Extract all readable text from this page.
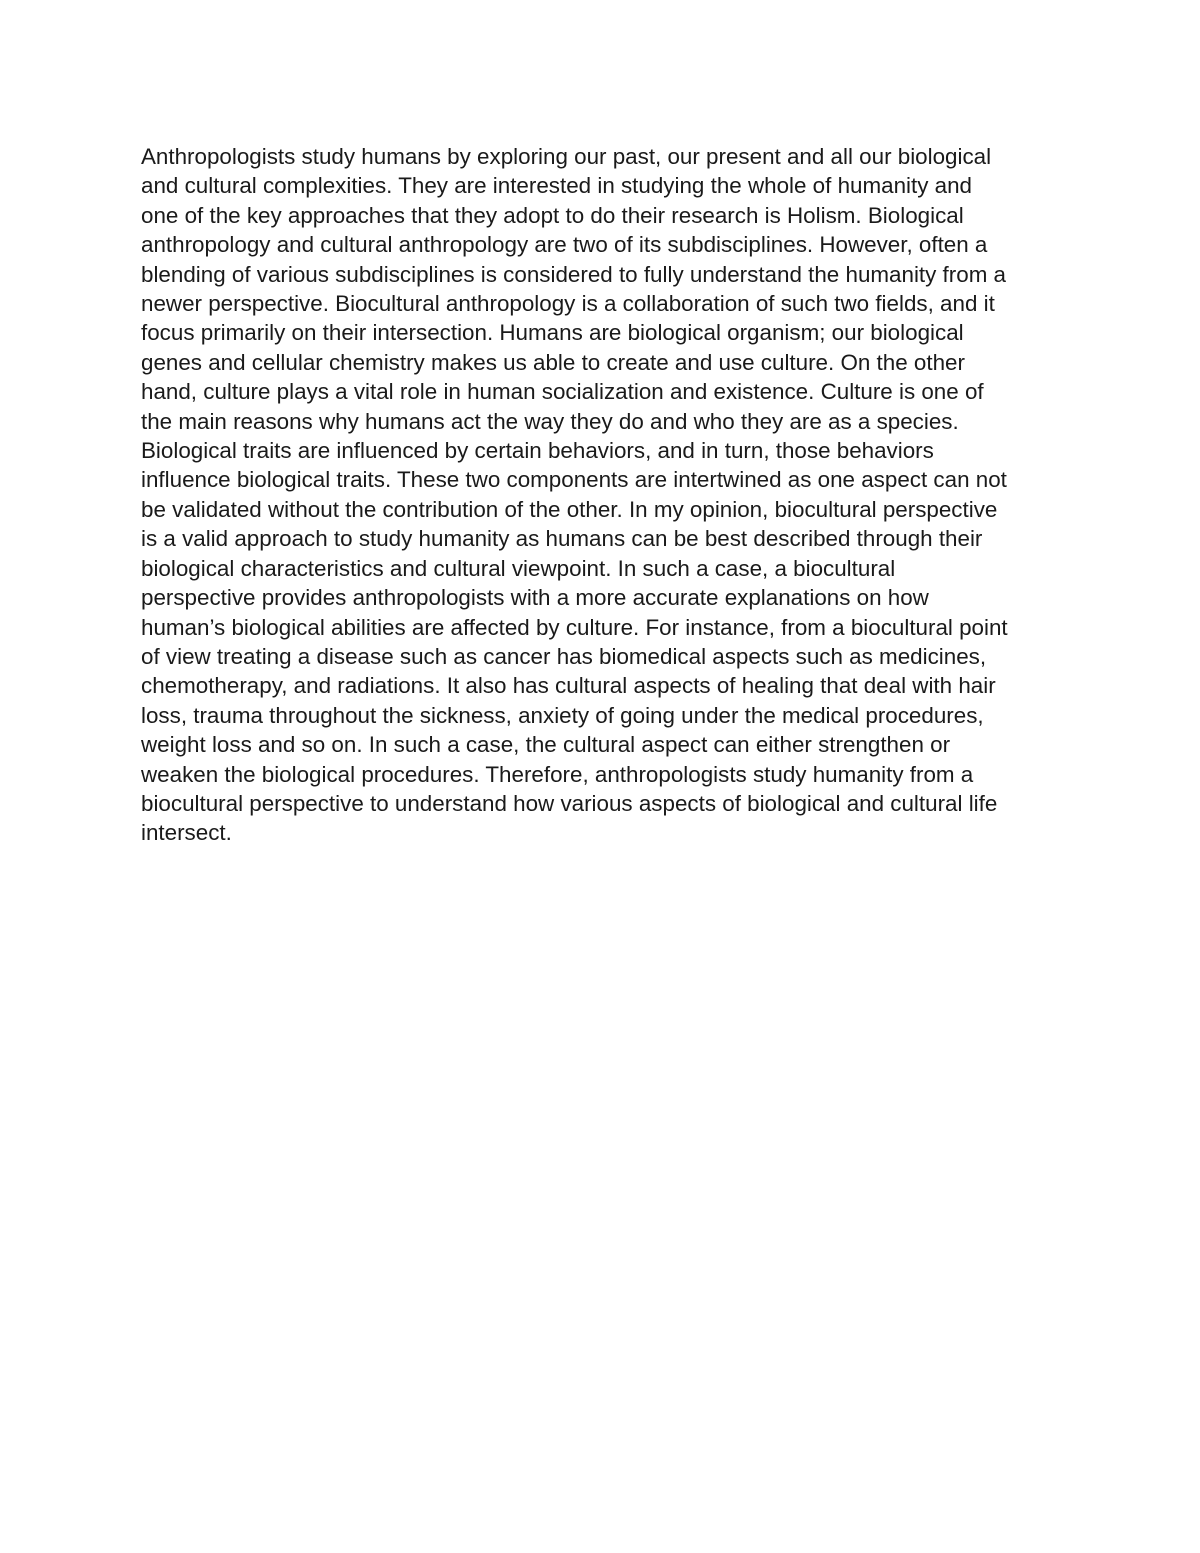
Anthropologists study humans by exploring our past, our present and all our biological
and cultural complexities. They are interested in studying the whole of humanity and
one of the key approaches that they adopt to do their research is Holism. Biological
anthropology and cultural anthropology are two of its subdisciplines. However, often a
blending of various subdisciplines is considered to fully understand the humanity from a
newer perspective. Biocultural anthropology is a collaboration of such two fields, and it
focus primarily on their intersection. Humans are biological organism; our biological
genes and cellular chemistry makes us able to create and use culture. On the other
hand, culture plays a vital role in human socialization and existence. Culture is one of
the main reasons why humans act the way they do and who they are as a species.
Biological traits are influenced by certain behaviors, and in turn, those behaviors
influence biological traits. These two components are intertwined as one aspect can not
be validated without the contribution of the other. In my opinion, biocultural perspective
is a valid approach to study humanity as humans can be best described through their
biological characteristics and cultural viewpoint. In such a case, a biocultural
perspective provides anthropologists with a more accurate explanations on how
human’s biological abilities are affected by culture. For instance, from a biocultural point
of view treating a disease such as cancer has biomedical aspects such as medicines,
chemotherapy, and radiations. It also has cultural aspects of healing that deal with hair
loss, trauma throughout the sickness, anxiety of going under the medical procedures,
weight loss and so on. In such a case, the cultural aspect can either strengthen or
weaken the biological procedures. Therefore, anthropologists study humanity from a
biocultural perspective to understand how various aspects of biological and cultural life
intersect.
